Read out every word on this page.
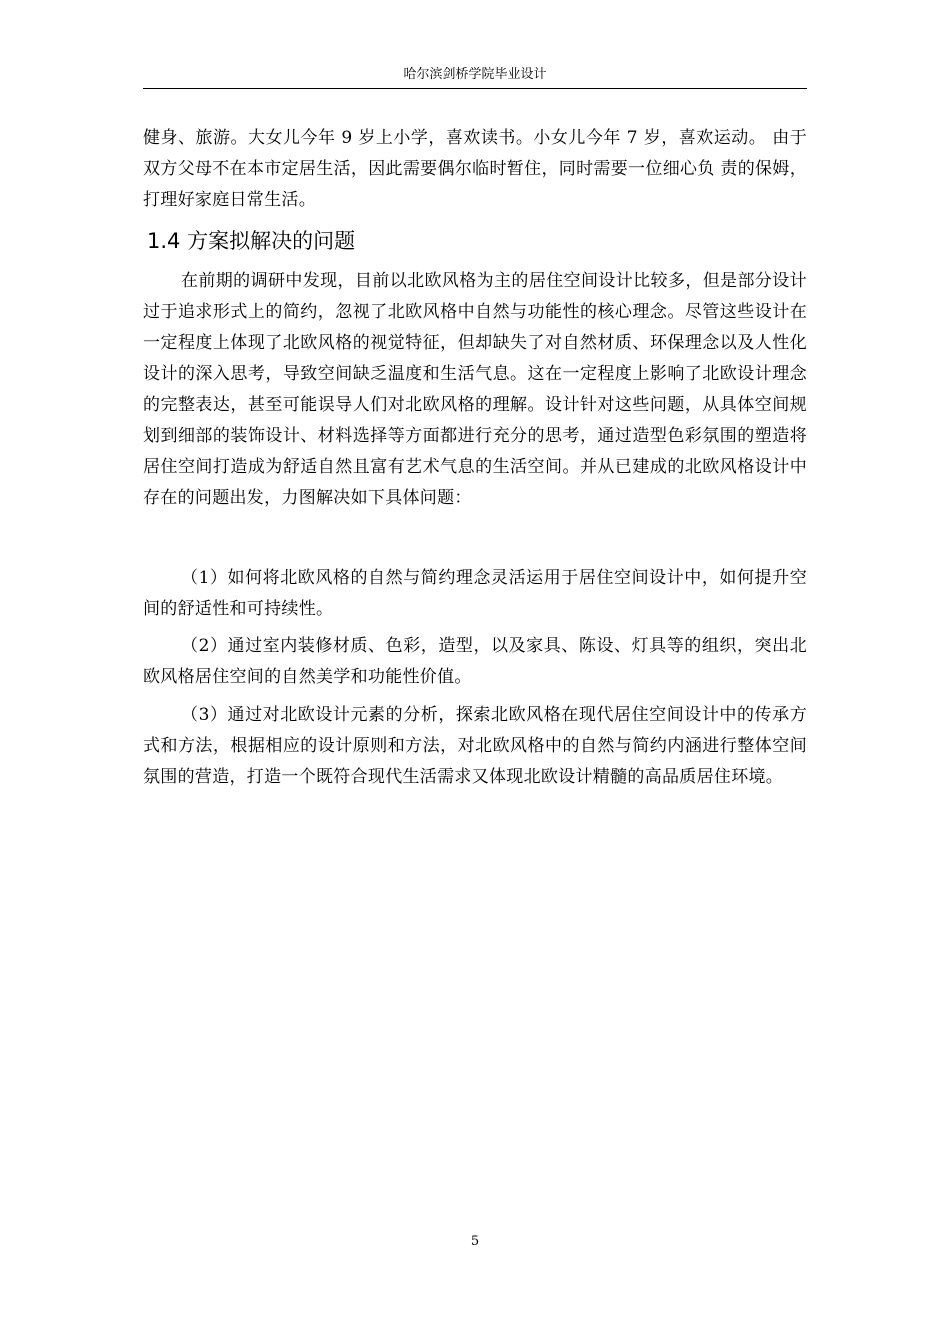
哈尔滨剑桥学院毕业设计

健身、旅游。大女儿今年 9 岁上小学，喜欢读书。小女儿今年 7 岁，喜欢运动。 由于双方父母不在本市定居生活，因此需要偶尔临时暂住，同时需要一位细心负 责的保姆，打理好家庭日常生活。

1.4 方案拟解决的问题

在前期的调研中发现，目前以北欧风格为主的居住空间设计比较多，但是部分设计过于追求形式上的简约，忽视了北欧风格中自然与功能性的核心理念。尽管这些设计在一定程度上体现了北欧风格的视觉特征，但却缺失了对自然材质、环保理念以及人性化设计的深入思考，导致空间缺乏温度和生活气息。这在一定程度上影响了北欧设计理念的完整表达，甚至可能误导人们对北欧风格的理解。设计针对这些问题，从具体空间规划到细部的装饰设计、材料选择等方面都进行充分的思考，通过造型色彩氛围的塑造将居住空间打造成为舒适自然且富有艺术气息的生活空间。并从已建成的北欧风格设计中存在的问题出发，力图解决如下具体问题：

（1）如何将北欧风格的自然与简约理念灵活运用于居住空间设计中，如何提升空间的舒适性和可持续性。

（2）通过室内装修材质、色彩，造型，以及家具、陈设、灯具等的组织，突出北欧风格居住空间的自然美学和功能性价值。

（3）通过对北欧设计元素的分析，探索北欧风格在现代居住空间设计中的传承方式和方法，根据相应的设计原则和方法，对北欧风格中的自然与简约内涵进行整体空间氛围的营造，打造一个既符合现代生活需求又体现北欧设计精髓的高品质居住环境。

5
